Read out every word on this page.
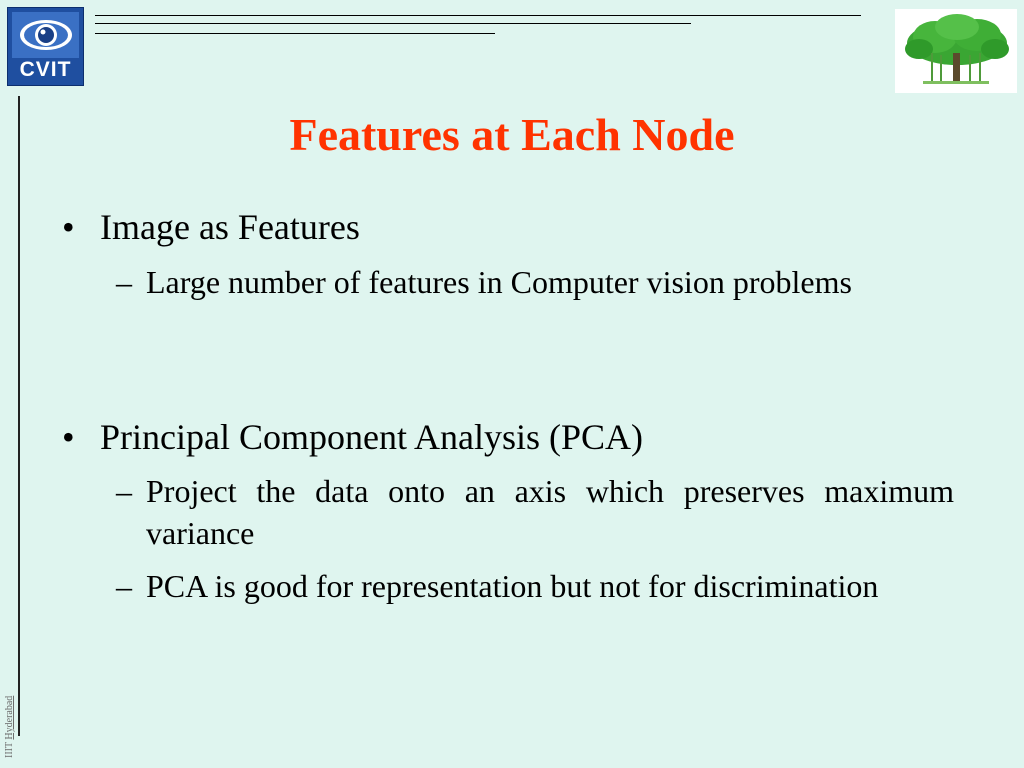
CVIT
IIIT Hyderabad
Features at Each Node
• Image as Features
– Large number of features in Computer vision problems
• Principal Component Analysis (PCA)
– Project the data onto an axis which preserves maximum variance
– PCA is good for representation but not for discrimination
